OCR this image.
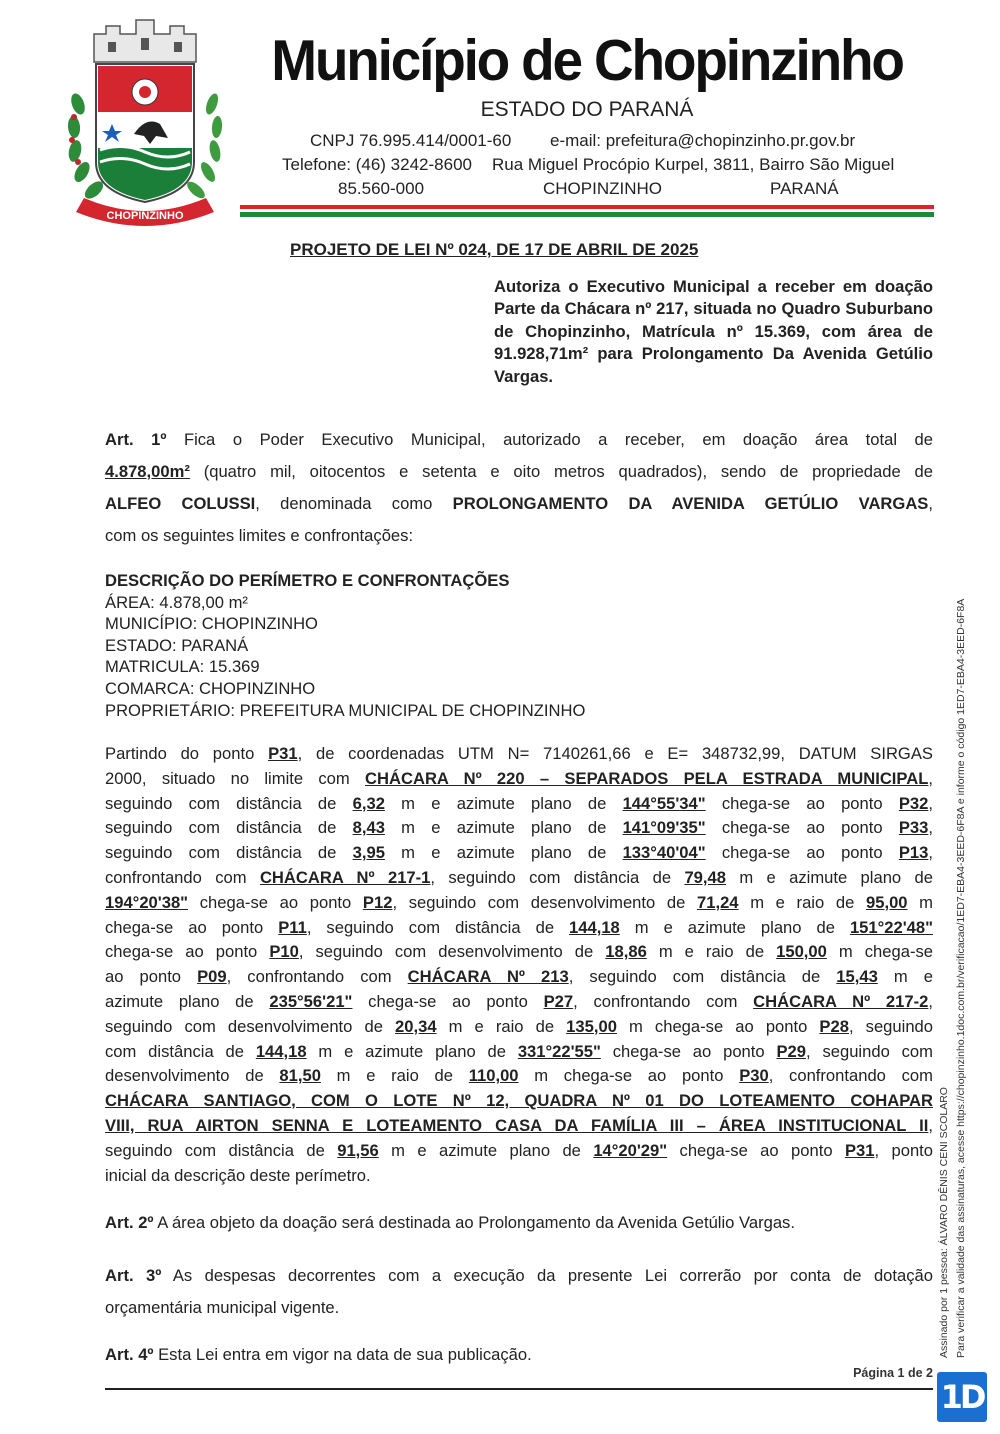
CHOPINZINHO
Município de Chopinzinho
ESTADO DO PARANÁ
CNPJ 76.995.414/0001-60 e-mail: prefeitura@chopinzinho.pr.gov.br
Telefone: (46) 3242-8600 Rua Miguel Procópio Kurpel, 3811, Bairro São Miguel
85.560-000	CHOPINZINHO	PARANÁ
PROJETO DE LEI Nº 024, DE 17 DE ABRIL DE 2025
Autoriza o Executivo Municipal a receber em doação Parte da Chácara nº 217, situada no Quadro Suburbano de Chopinzinho, Matrícula nº 15.369, com área de 91.928,71m² para Prolongamento Da Avenida Getúlio Vargas.
Art. 1º Fica o Poder Executivo Municipal, autorizado a receber, em doação área total de
4.878,00m² (quatro mil, oitocentos e setenta e oito metros quadrados), sendo de propriedade de
ALFEO COLUSSI, denominada como PROLONGAMENTO DA AVENIDA GETÚLIO VARGAS,
com os seguintes limites e confrontações:
DESCRIÇÃO DO PERÍMETRO E CONFRONTAÇÕES
ÁREA: 4.878,00 m²
MUNICÍPIO: CHOPINZINHO
ESTADO: PARANÁ
MATRICULA: 15.369
COMARCA: CHOPINZINHO
PROPRIETÁRIO: PREFEITURA MUNICIPAL DE CHOPINZINHO
Partindo do ponto P31, de coordenadas UTM N= 7140261,66 e E= 348732,99, DATUM SIRGAS
2000, situado no limite com CHÁCARA Nº 220 – SEPARADOS PELA ESTRADA MUNICIPAL,
seguindo com distância de 6,32 m e azimute plano de 144°55'34" chega-se ao ponto P32,
seguindo com distância de 8,43 m e azimute plano de 141°09'35" chega-se ao ponto P33,
seguindo com distância de 3,95 m e azimute plano de 133°40'04" chega-se ao ponto P13,
confrontando com CHÁCARA Nº 217-1, seguindo com distância de 79,48 m e azimute plano de
194°20'38" chega-se ao ponto P12, seguindo com desenvolvimento de 71,24 m e raio de 95,00 m
chega-se ao ponto P11, seguindo com distância de 144,18 m e azimute plano de 151°22'48"
chega-se ao ponto P10, seguindo com desenvolvimento de 18,86 m e raio de 150,00 m chega-se
ao ponto P09, confrontando com CHÁCARA Nº 213, seguindo com distância de 15,43 m e
azimute plano de 235°56'21" chega-se ao ponto P27, confrontando com CHÁCARA Nº 217-2,
seguindo com desenvolvimento de 20,34 m e raio de 135,00 m chega-se ao ponto P28, seguindo
com distância de 144,18 m e azimute plano de 331°22'55" chega-se ao ponto P29, seguindo com
desenvolvimento de 81,50 m e raio de 110,00 m chega-se ao ponto P30, confrontando com
CHÁCARA SANTIAGO, COM O LOTE Nº 12, QUADRA Nº 01 DO LOTEAMENTO COHAPAR
VIII, RUA AIRTON SENNA E LOTEAMENTO CASA DA FAMÍLIA III – ÁREA INSTITUCIONAL II,
seguindo com distância de 91,56 m e azimute plano de 14°20'29" chega-se ao ponto P31, ponto
inicial da descrição deste perímetro.
Art. 2º A área objeto da doação será destinada ao Prolongamento da Avenida Getúlio Vargas.
Art. 3º As despesas decorrentes com a execução da presente Lei correrão por conta de dotação
orçamentária municipal vigente.
Art. 4º Esta Lei entra em vigor na data de sua publicação.
Página 1 de 2
Assinado por 1 pessoa: ÁLVARO DÊNIS CENI SCOLARO Para verificar a validade das assinaturas, acesse https://chopinzinho.1doc.com.br/verificacao/1ED7-EBA4-3EED-6F8A e informe o código 1ED7-EBA4-3EED-6F8A
1D
